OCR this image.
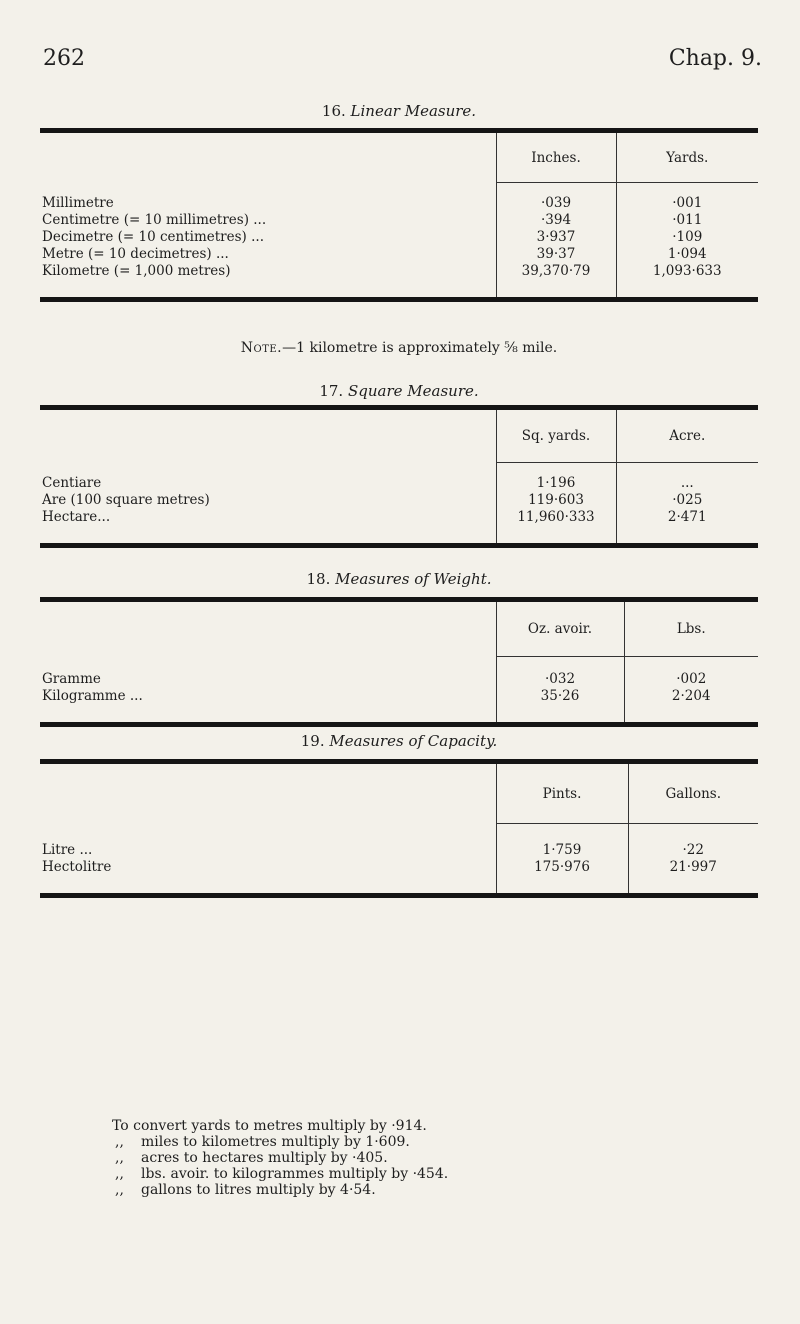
262	Chap. 9.

16. Linear Measure.

	Inches.	Yards.

Millimetre	·039	·001
Centimetre (= 10 millimetres) ...	·394	·011
Decimetre (= 10 centimetres) ...	3·937	·109
Metre (= 10 decimetres) ...	39·37	1·094
Kilometre (= 1,000 metres)	39,370·79	1,093·633

Note.—1 kilometre is approximately ⅝ mile.

17. Square Measure.

	Sq. yards.	Acre.

Centiare	1·196	...
Are (100 square metres)	119·603	·025
Hectare...	11,960·333	2·471

18. Measures of Weight.

	Oz. avoir.	Lbs.

Gramme	·032	·002
Kilogramme ...	35·26	2·204

19. Measures of Capacity.

	Pints.	Gallons.

Litre ...	1·759	·22
Hectolitre	175·976	21·997

To convert yards to metres multiply by ·914.
,, miles to kilometres multiply by 1·609.
,, acres to hectares multiply by ·405.
,, lbs. avoir. to kilogrammes multiply by ·454.
,, gallons to litres multiply by 4·54.
